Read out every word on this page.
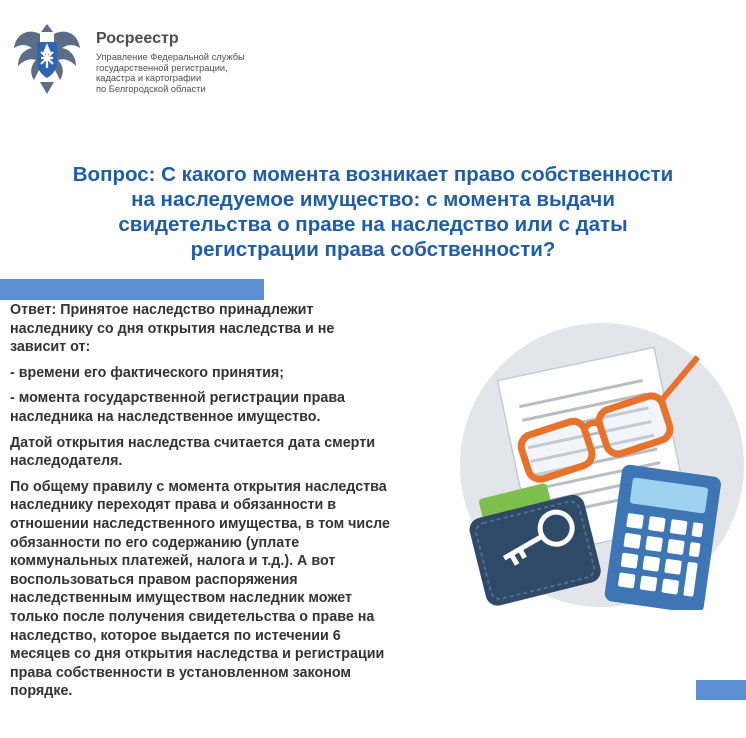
Росреестр
Управление Федеральной службы
государственной регистрации,
кадастра и картографии
по Белгородской области
Вопрос: С какого момента возникает право собственности
на наследуемое имущество: с момента выдачи
свидетельства о праве на наследство или с даты
регистрации права собственности?

Ответ: Принятое наследство принадлежит
наследнику со дня открытия наследства и не
зависит от:

- времени его фактического принятия;

- момента государственной регистрации права
наследника на наследственное имущество.

Датой открытия наследства считается дата смерти
наследодателя.

По общему правилу с момента открытия наследства
наследнику переходят права и обязанности в
отношении наследственного имущества, в том числе
обязанности по его содержанию (уплате
коммунальных платежей, налога и т.д.). А вот
воспользоваться правом распоряжения
наследственным имуществом наследник может
только после получения свидетельства о праве на
наследство, которое выдается по истечении 6
месяцев со дня открытия наследства и регистрации
права собственности в установленном законом
порядке.
